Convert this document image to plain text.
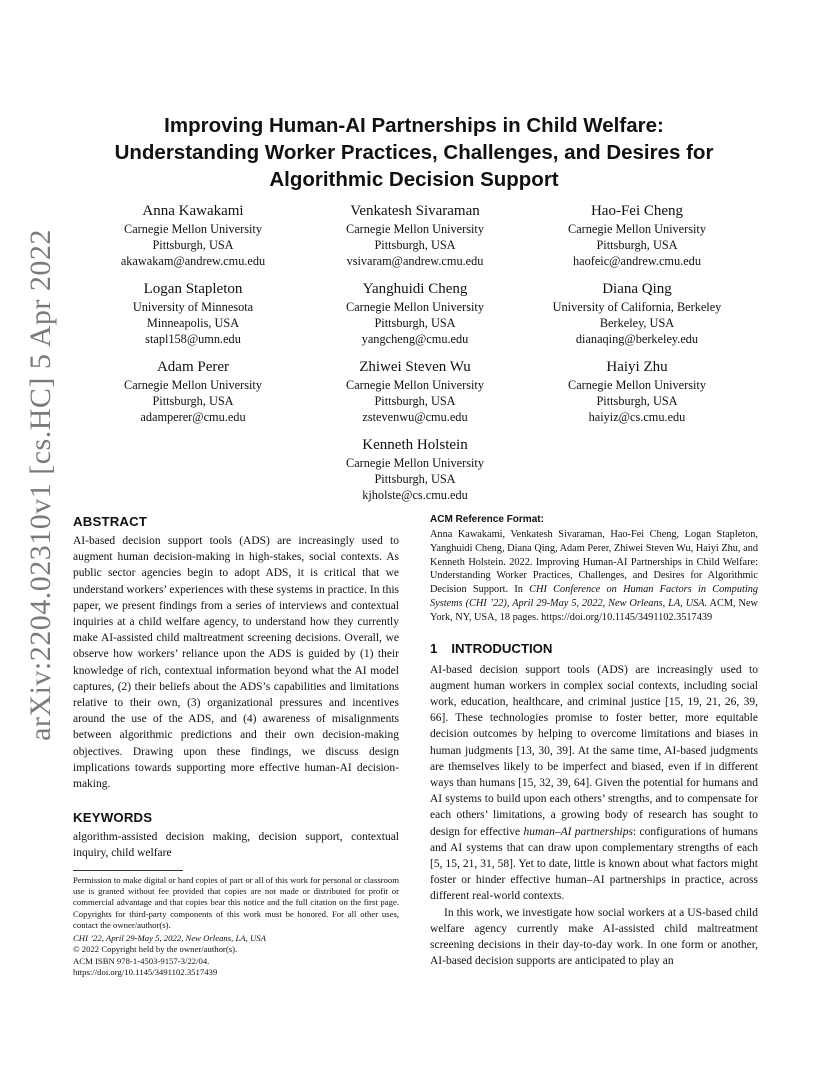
arXiv:2204.02310v1 [cs.HC] 5 Apr 2022
Improving Human-AI Partnerships in Child Welfare:
Understanding Worker Practices, Challenges, and Desires for
Algorithmic Decision Support
Anna Kawakami
Carnegie Mellon University
Pittsburgh, USA
akawakam@andrew.cmu.edu
Venkatesh Sivaraman
Carnegie Mellon University
Pittsburgh, USA
vsivaram@andrew.cmu.edu
Hao-Fei Cheng
Carnegie Mellon University
Pittsburgh, USA
haofeic@andrew.cmu.edu
Logan Stapleton
University of Minnesota
Minneapolis, USA
stapl158@umn.edu
Yanghuidi Cheng
Carnegie Mellon University
Pittsburgh, USA
yangcheng@cmu.edu
Diana Qing
University of California, Berkeley
Berkeley, USA
dianaqing@berkeley.edu
Adam Perer
Carnegie Mellon University
Pittsburgh, USA
adamperer@cmu.edu
Zhiwei Steven Wu
Carnegie Mellon University
Pittsburgh, USA
zstevenwu@cmu.edu
Haiyi Zhu
Carnegie Mellon University
Pittsburgh, USA
haiyiz@cs.cmu.edu
Kenneth Holstein
Carnegie Mellon University
Pittsburgh, USA
kjholste@cs.cmu.edu
ABSTRACT

AI-based decision support tools (ADS) are increasingly used to augment human decision-making in high-stakes, social contexts. As public sector agencies begin to adopt ADS, it is critical that we understand workers’ experiences with these systems in practice. In this paper, we present findings from a series of interviews and contextual inquiries at a child welfare agency, to understand how they currently make AI-assisted child maltreatment screening decisions. Overall, we observe how workers’ reliance upon the ADS is guided by (1) their knowledge of rich, contextual information beyond what the AI model captures, (2) their beliefs about the ADS’s capabilities and limitations relative to their own, (3) organizational pressures and incentives around the use of the ADS, and (4) awareness of misalignments between algorithmic predictions and their own decision-making objectives. Drawing upon these findings, we discuss design implications towards supporting more effective human-AI decision-making.

KEYWORDS

algorithm-assisted decision making, decision support, contextual inquiry, child welfare

Permission to make digital or hard copies of part or all of this work for personal or classroom use is granted without fee provided that copies are not made or distributed for profit or commercial advantage and that copies bear this notice and the full citation on the first page. Copyrights for third-party components of this work must be honored. For all other uses, contact the owner/author(s).

CHI ’22, April 29-May 5, 2022, New Orleans, LA, USA
© 2022 Copyright held by the owner/author(s).
ACM ISBN 978-1-4503-9157-3/22/04.
https://doi.org/10.1145/3491102.3517439
ACM Reference Format:

Anna Kawakami, Venkatesh Sivaraman, Hao-Fei Cheng, Logan Stapleton, Yanghuidi Cheng, Diana Qing, Adam Perer, Zhiwei Steven Wu, Haiyi Zhu, and Kenneth Holstein. 2022. Improving Human-AI Partnerships in Child Welfare: Understanding Worker Practices, Challenges, and Desires for Algorithmic Decision Support. In CHI Conference on Human Factors in Computing Systems (CHI ’22), April 29-May 5, 2022, New Orleans, LA, USA. ACM, New York, NY, USA, 18 pages. https://doi.org/10.1145/3491102.3517439

1 INTRODUCTION

AI-based decision support tools (ADS) are increasingly used to augment human workers in complex social contexts, including social work, education, healthcare, and criminal justice [15, 19, 21, 26, 39, 66]. These technologies promise to foster better, more equitable decision outcomes by helping to overcome limitations and biases in human judgments [13, 30, 39]. At the same time, AI-based judgments are themselves likely to be imperfect and biased, even if in different ways than humans [15, 32, 39, 64]. Given the potential for humans and AI systems to build upon each others’ strengths, and to compensate for each others’ limitations, a growing body of research has sought to design for effective human–AI partnerships: configurations of humans and AI systems that can draw upon complementary strengths of each [5, 15, 21, 31, 58]. Yet to date, little is known about what factors might foster or hinder effective human–AI partnerships in practice, across different real-world contexts.

In this work, we investigate how social workers at a US-based child welfare agency currently make AI-assisted child maltreatment screening decisions in their day-to-day work. In one form or another, AI-based decision supports are anticipated to play an
